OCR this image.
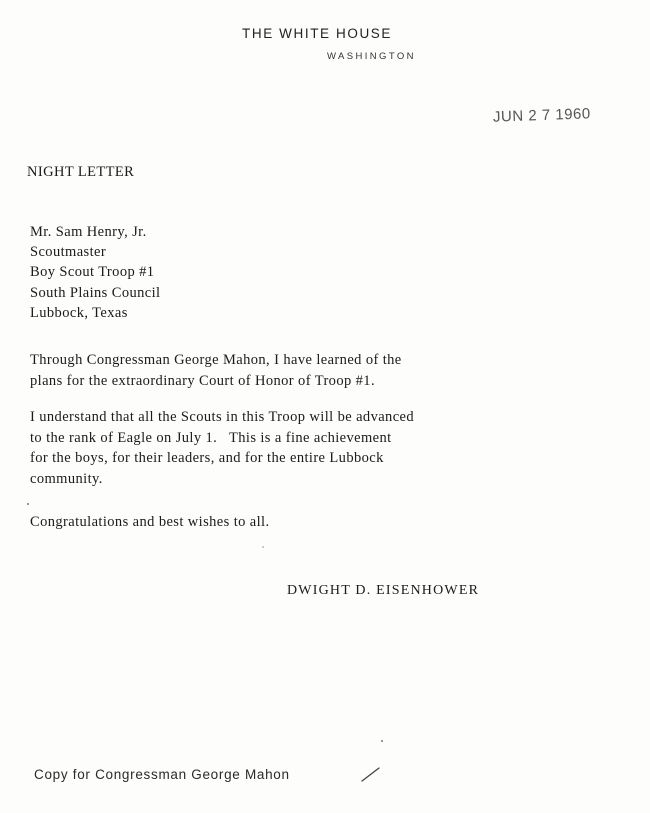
THE WHITE HOUSE
WASHINGTON
JUN 2 7 1960
NIGHT LETTER
Mr. Sam Henry, Jr.
Scoutmaster
Boy Scout Troop #1
South Plains Council
Lubbock, Texas
Through Congressman George Mahon, I have learned of the
plans for the extraordinary Court of Honor of Troop #1.
I understand that all the Scouts in this Troop will be advanced
to the rank of Eagle on July 1.   This is a fine achievement
for the boys, for their leaders, and for the entire Lubbock
community.
Congratulations and best wishes to all.
DWIGHT D. EISENHOWER
Copy for Congressman George Mahon
